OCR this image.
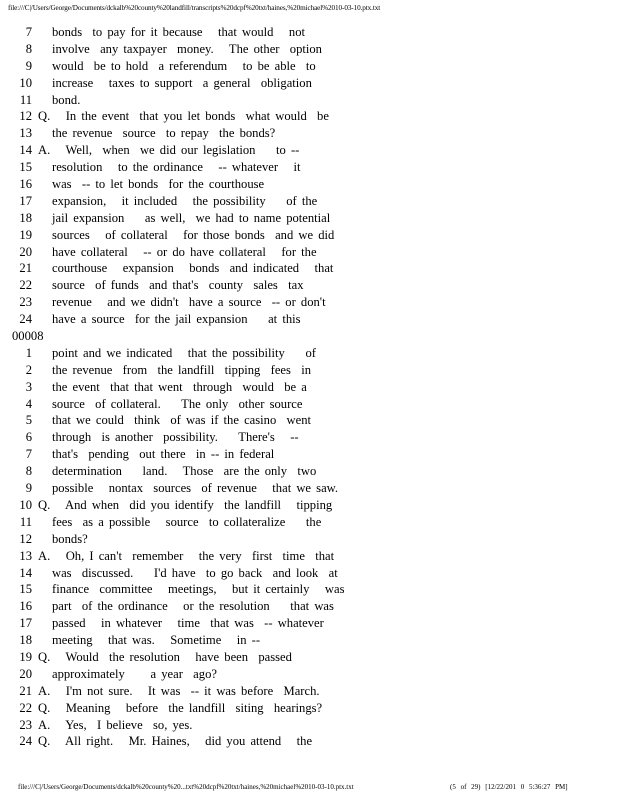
file:///C|/Users/George/Documents/dckalb%20county%20landfill/transcripts%20dcpf%20txt/haines,%20michael%2010-03-10.ptx.txt
7 bonds  to pay for it because   that would   not
8 involve  any taxpayer  money.   The other  option
9 would  be to hold  a referendum   to be able  to
10 increase   taxes to support  a general  obligation
11 bond.
12 Q.   In the event  that you let bonds  what would  be
13 the revenue  source  to repay  the bonds?
14 A.   Well,  when  we did our legislation    to --
15 resolution   to the ordinance   -- whatever   it
16 was  -- to let bonds  for the courthouse
17 expansion,   it included   the possibility    of the
18 jail expansion    as well,  we had to name potential
19 sources   of collateral   for those bonds  and we did
20 have collateral   -- or do have collateral   for the
21 courthouse   expansion   bonds  and indicated   that
22 source  of funds  and that's  county  sales  tax
23 revenue   and we didn't  have a source  -- or don't
24 have a source  for the jail expansion    at this
00008
1 point and we indicated   that the possibility    of
2 the revenue  from  the landfill  tipping  fees  in
3 the event  that that went  through  would  be a
4 source  of collateral.    The only  other source
5 that we could  think  of was if the casino  went
6 through  is another  possibility.    There's   --
7 that's  pending  out there  in -- in federal
8 determination    land.   Those  are the only  two
9 possible   nontax  sources  of revenue   that we saw.
10 Q.   And when  did you identify  the landfill   tipping
11 fees  as a possible   source  to collateralize    the
12 bonds?
13 A.   Oh, I can't  remember   the very  first  time  that
14 was  discussed.    I'd have  to go back  and look  at
15 finance  committee   meetings,   but it certainly   was
16 part  of the ordinance   or the resolution    that was
17 passed   in whatever   time  that was  -- whatever
18 meeting   that was.   Sometime   in --
19 Q.   Would  the resolution   have been  passed
20 approximately     a year  ago?
21 A.   I'm not sure.   It was  -- it was before  March.
22 Q.   Meaning   before  the landfill  siting  hearings?
23 A.   Yes,  I believe  so, yes.
24 Q.   All right.   Mr. Haines,   did you attend   the
file:///C|/Users/George/Documents/dckalb%20county%20...txt%20dcpf%20txt/haines,%20michael%2010-03-10.ptx.txt	(5 of 29) [12/22/201 0 5:36:27 PM]
